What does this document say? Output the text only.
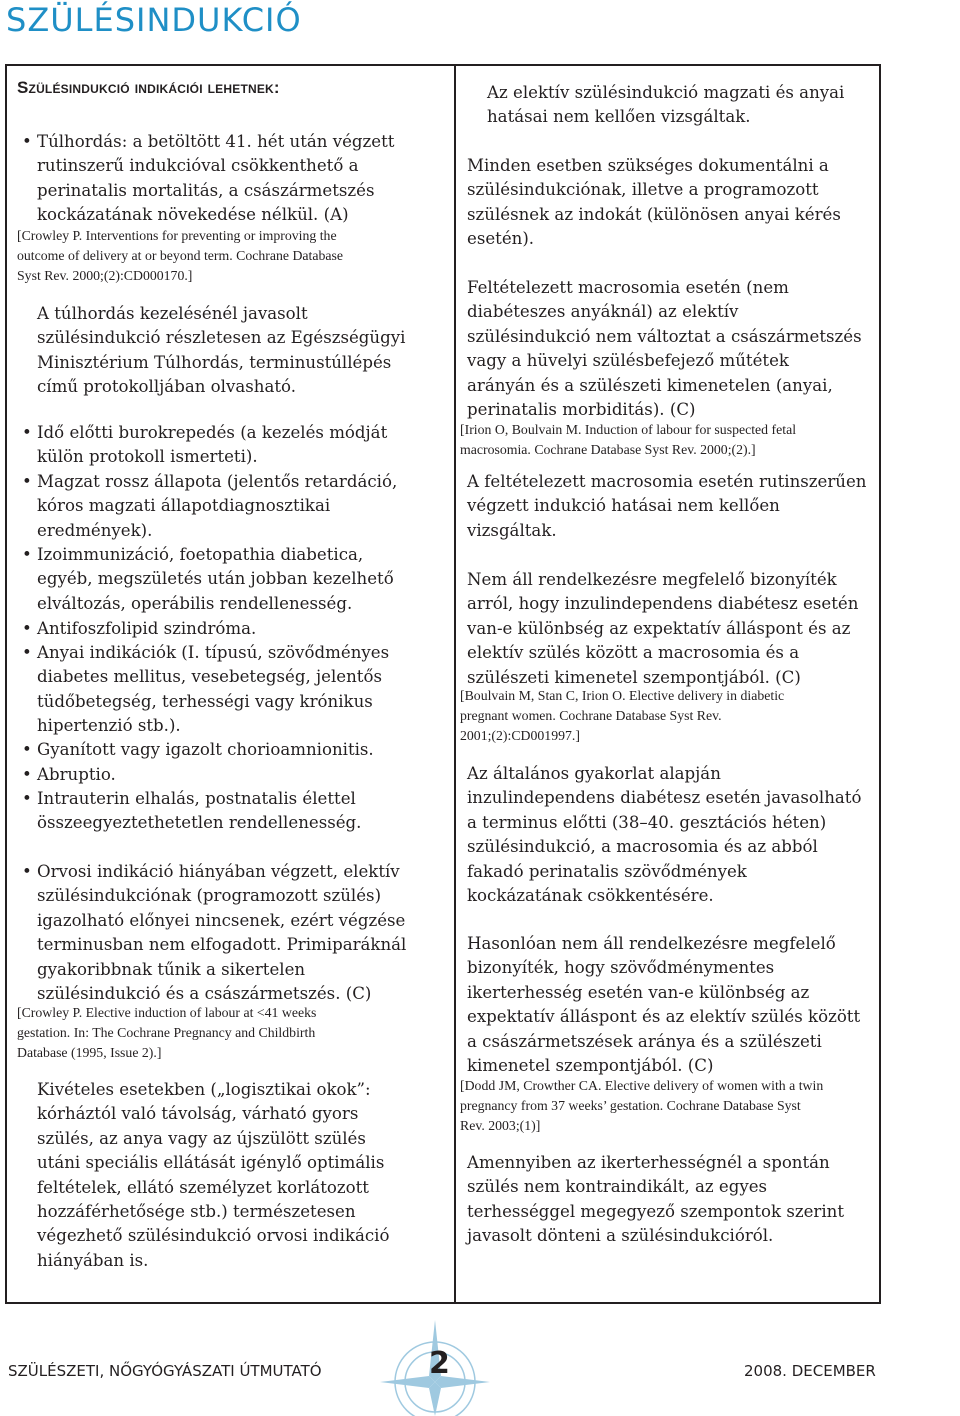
SZÜLÉSINDUKCIÓ
Szülésindukció indikációi lehetnek:
• Túlhordás: a betöltött 41. hét után végzett
rutinszerű indukcióval csökkenthető a
perinatalis mortalitás, a császármetszés
kockázatának növekedése nélkül. (A)
[Crowley P. Interventions for preventing or improving the
outcome of delivery at or beyond term. Cochrane Database
Syst Rev. 2000;(2):CD000170.]
A túlhordás kezelésénél javasolt
szülésindukció részletesen az Egészségügyi
Minisztérium Túlhordás, terminustúllépés
című protokolljában olvasható.
• Idő előtti burokrepedés (a kezelés módját
külön protokoll ismerteti).
• Magzat rossz állapota (jelentős retardáció,
kóros magzati állapotdiagnosztikai
eredmények).
• Izoimmunizáció, foetopathia diabetica,
egyéb, megszületés után jobban kezelhető
elváltozás, operábilis rendellenesség.
• Antifoszfolipid szindróma.
• Anyai indikációk (I. típusú, szövődményes
diabetes mellitus, vesebetegség, jelentős
tüdőbetegség, terhességi vagy krónikus
hipertenzió stb.).
• Gyanított vagy igazolt chorioamnionitis.
• Abruptio.
• Intrauterin elhalás, postnatalis élettel
összeegyeztethetetlen rendellenesség.
• Orvosi indikáció hiányában végzett, elektív
szülésindukciónak (programozott szülés)
igazolható előnyei nincsenek, ezért végzése
terminusban nem elfogadott. Primiparáknál
gyakoribbnak tűnik a sikertelen
szülésindukció és a császármetszés. (C)
[Crowley P. Elective induction of labour at <41 weeks
gestation. In: The Cochrane Pregnancy and Childbirth
Database (1995, Issue 2).]
Kivételes esetekben („logisztikai okok”:
kórháztól való távolság, várható gyors
szülés, az anya vagy az újszülött szülés
utáni speciális ellátását igénylő optimális
feltételek, ellátó személyzet korlátozott
hozzáférhetősége stb.) természetesen
végezhető szülésindukció orvosi indikáció
hiányában is.
Az elektív szülésindukció magzati és anyai
hatásai nem kellően vizsgáltak.
Minden esetben szükséges dokumentálni a
szülésindukciónak, illetve a programozott
szülésnek az indokát (különösen anyai kérés
esetén).
Feltételezett macrosomia esetén (nem
diabéteszes anyáknál) az elektív
szülésindukció nem változtat a császármetszés
vagy a hüvelyi szülésbefejező műtétek
arányán és a szülészeti kimenetelen (anyai,
perinatalis morbiditás). (C)
[Irion O, Boulvain M. Induction of labour for suspected fetal
macrosomia. Cochrane Database Syst Rev. 2000;(2).]
A feltételezett macrosomia esetén rutinszerűen
végzett indukció hatásai nem kellően
vizsgáltak.
Nem áll rendelkezésre megfelelő bizonyíték
arról, hogy inzulindependens diabétesz esetén
van-e különbség az expektatív álláspont és az
elektív szülés között a macrosomia és a
szülészeti kimenetel szempontjából. (C)
[Boulvain M, Stan C, Irion O. Elective delivery in diabetic
pregnant women. Cochrane Database Syst Rev.
2001;(2):CD001997.]
Az általános gyakorlat alapján
inzulindependens diabétesz esetén javasolható
a terminus előtti (38–40. gesztációs héten)
szülésindukció, a macrosomia és az abból
fakadó perinatalis szövődmények
kockázatának csökkentésére.
Hasonlóan nem áll rendelkezésre megfelelő
bizonyíték, hogy szövődménymentes
ikerterhesség esetén van-e különbség az
expektatív álláspont és az elektív szülés között
a császármetszések aránya és a szülészeti
kimenetel szempontjából. (C)
[Dodd JM, Crowther CA. Elective delivery of women with a twin
pregnancy from 37 weeks’ gestation. Cochrane Database Syst
Rev. 2003;(1)]
Amennyiben az ikerterhességnél a spontán
szülés nem kontraindikált, az egyes
terhességgel megegyező szempontok szerint
javasolt dönteni a szülésindukcióról.
SZÜLÉSZETI, NŐGYÓGYÁSZATI ÚTMUTATÓ	2	2008. DECEMBER
